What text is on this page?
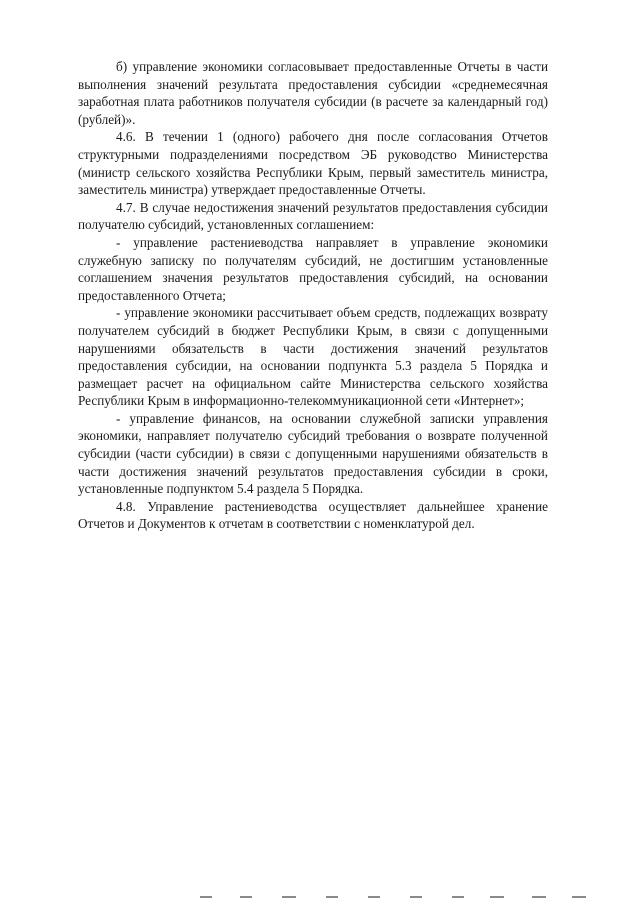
б) управление экономики согласовывает предоставленные Отчеты в части выполнения значений результата предоставления субсидии «среднемесячная заработная плата работников получателя субсидии (в расчете за календарный год) (рублей)».

4.6. В течении 1 (одного) рабочего дня после согласования Отчетов структурными подразделениями посредством ЭБ руководство Министерства (министр сельского хозяйства Республики Крым, первый заместитель министра, заместитель министра) утверждает предоставленные Отчеты.

4.7. В случае недостижения значений результатов предоставления субсидии получателю субсидий, установленных соглашением:

- управление растениеводства направляет в управление экономики служебную записку по получателям субсидий, не достигшим установленные соглашением значения результатов предоставления субсидий, на основании предоставленного Отчета;

- управление экономики рассчитывает объем средств, подлежащих возврату получателем субсидий в бюджет Республики Крым, в связи с допущенными нарушениями обязательств в части достижения значений результатов предоставления субсидии, на основании подпункта 5.3 раздела 5 Порядка и размещает расчет на официальном сайте Министерства сельского хозяйства Республики Крым в информационно-телекоммуникационной сети «Интернет»;

- управление финансов, на основании служебной записки управления экономики, направляет получателю субсидий требования о возврате полученной субсидии (части субсидии) в связи с допущенными нарушениями обязательств в части достижения значений результатов предоставления субсидии в сроки, установленные подпунктом 5.4 раздела 5 Порядка.

4.8. Управление растениеводства осуществляет дальнейшее хранение Отчетов и Документов к отчетам в соответствии с номенклатурой дел.
